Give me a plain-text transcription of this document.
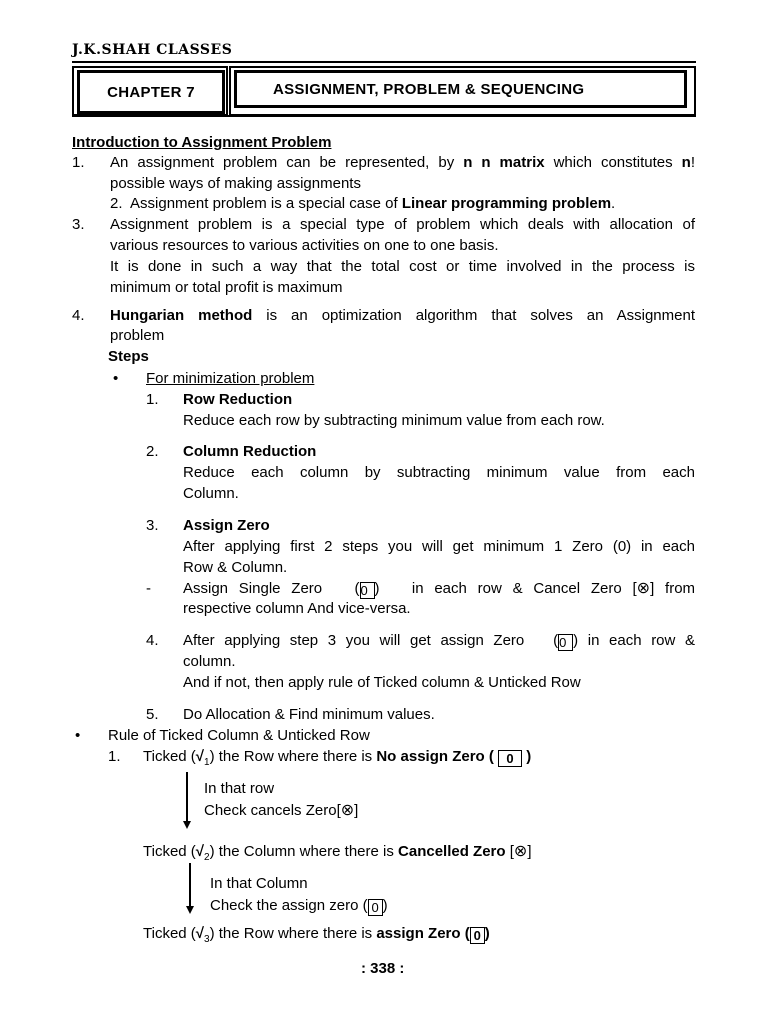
J.K.SHAH CLASSES
CHAPTER 7	ASSIGNMENT, PROBLEM & SEQUENCING
Introduction to Assignment Problem
1. An assignment problem can be represented, by n n matrix which constitutes n!
possible ways of making assignments
2. Assignment problem is a special case of Linear programming problem.
3. Assignment problem is a special type of problem which deals with allocation of
various resources to various activities on one to one basis.
It is done in such a way that the total cost or time involved in the process is
minimum or total profit is maximum
4. Hungarian method is an optimization algorithm that solves an Assignment
problem
Steps
• For minimization problem
1. Row Reduction
Reduce each row by subtracting minimum value from each row.
2. Column Reduction
Reduce each column by subtracting minimum value from each
Column.
3. Assign Zero
After applying first 2 steps you will get minimum 1 Zero (0) in each
Row & Column.
- Assign Single Zero (0 ) in each row & Cancel Zero [⊗] from
respective column And vice-versa.
4. After applying step 3 you will get assign Zero (0 ) in each row &
column.
And if not, then apply rule of Ticked column & Unticked Row
5. Do Allocation & Find minimum values.
• Rule of Ticked Column & Unticked Row
1. Ticked $(√_1)$ the Row where there is No assign Zero ( 0 )
In that row
Check cancels Zero[⊗]
Ticked $(√_2)$ the Column where there is Cancelled Zero [⊗]
In that Column
Check the assign zero ( 0 )
Ticked $(√_3)$ the Row where there is assign Zero ( 0 )
: 338 :
